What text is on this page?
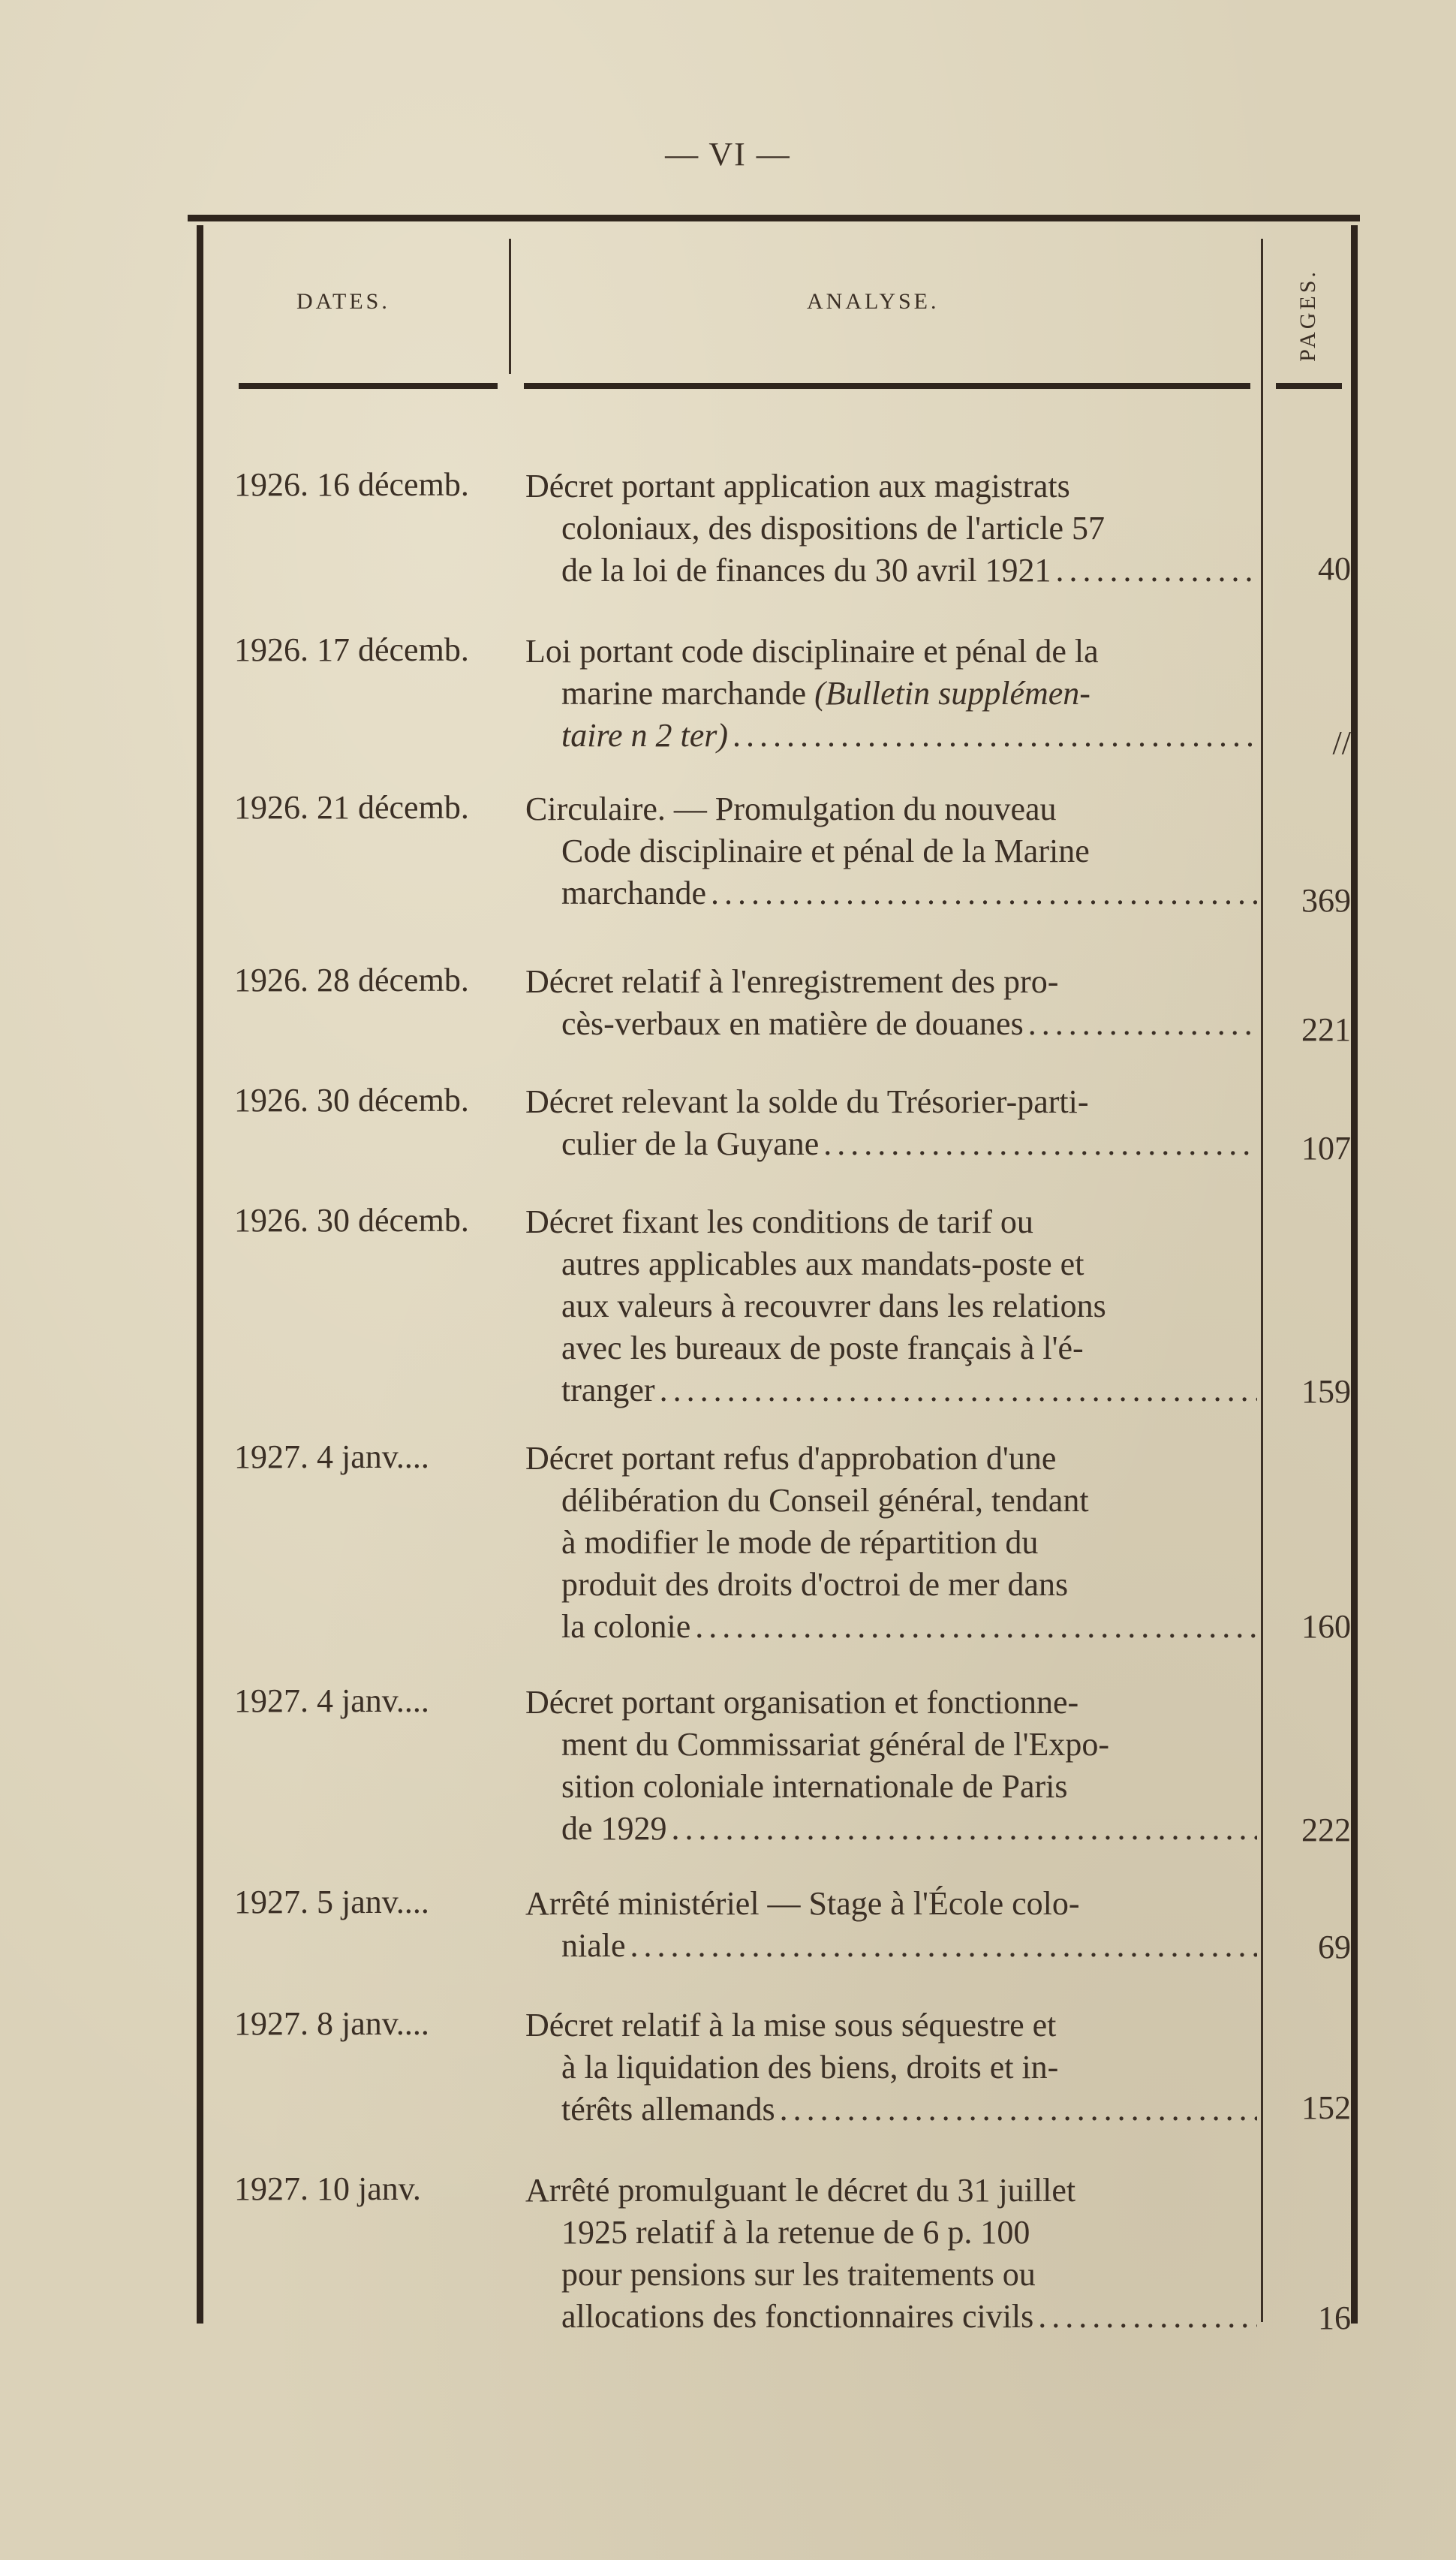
— VI —
DATES.	ANALYSE.	PAGES.
1926. 16 décemb. Décret portant application aux magistrats
coloniaux, des dispositions de l'article 57
de la loi de finances du 30 avril 1921 . . .	40
1926. 17 décemb. Loi portant code disciplinaire et pénal de la
marine marchande
(Bulletin supplémen-
taire n 2 ter) . . .	//
1926. 21 décemb. Circulaire. — Promulgation du nouveau
Code disciplinaire et pénal de la Marine
marchande . . .	369
1926. 28 décemb. Décret relatif à l'enregistrement des pro-
cès-verbaux en matière de douanes . . .	221
1926. 30 décemb. Décret relevant la solde du Trésorier-parti-
culier de la Guyane . . .	107
1926. 30 décemb. Décret fixant les conditions de tarif ou
autres applicables aux mandats-poste et
aux valeurs à recouvrer dans les relations
avec les bureaux de poste français à l'é-
tranger . . .	159
1927. 4 janv....	Décret portant refus d'approbation d'une
délibération du Conseil général, tendant
à modifier le mode de répartition du
produit des droits d'octroi de mer dans
la colonie . . .	160
1927. 4 janv....	Décret portant organisation et fonctionne-
ment du Commissariat général de l'Expo-
sition coloniale internationale de Paris
de 1929 . . .	222
1927. 5 janv....	Arrêté ministériel — Stage à l'École colo-
niale . . .	69
1927. 8 janv....	Décret relatif à la mise sous séquestre et
à la liquidation des biens, droits et in-
térêts allemands . . .	152
1927. 10 janv.	Arrêté promulguant le décret du 31 juillet
1925 relatif à la retenue de 6 p. 100
pour pensions sur les traitements ou
allocations des fonctionnaires civils . . .	16
